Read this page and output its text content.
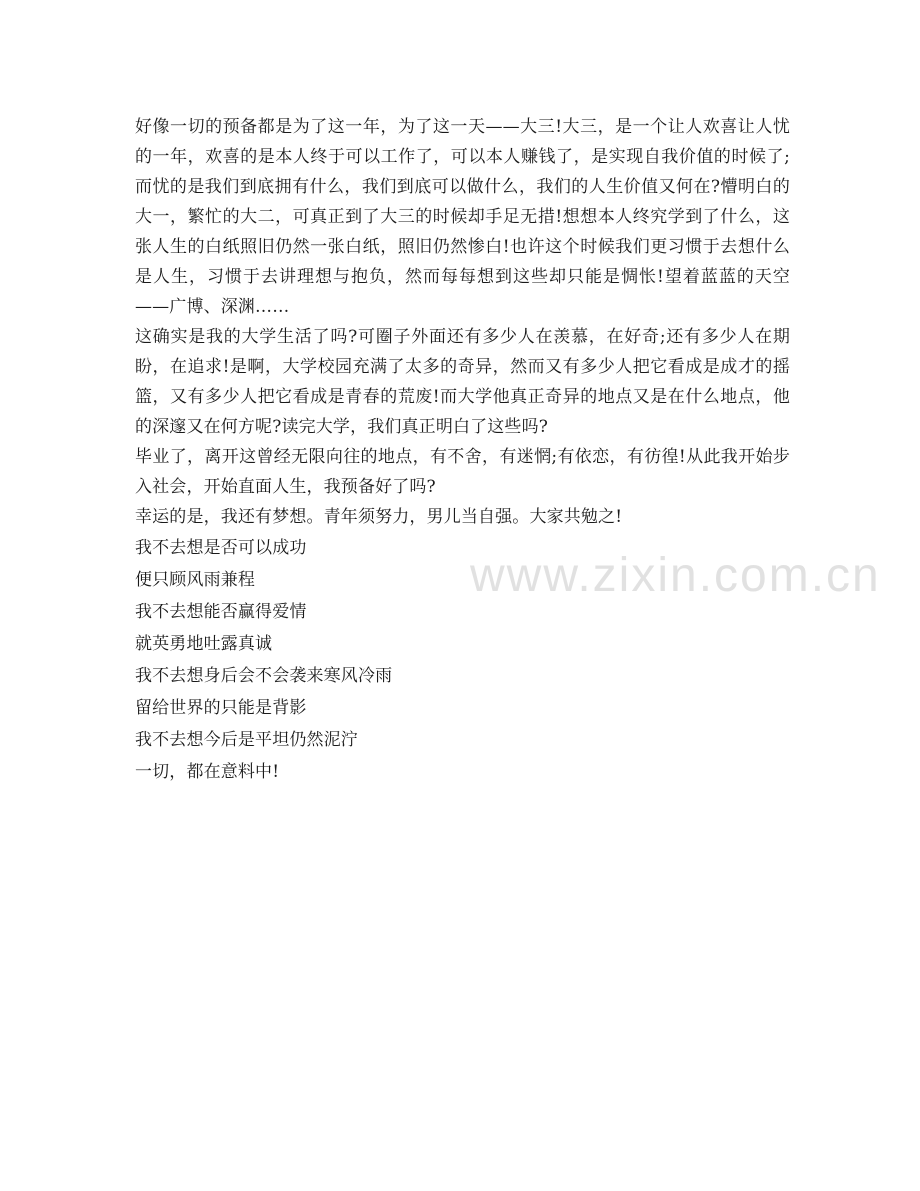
好像一切的预备都是为了这一年，为了这一天——大三!大三，是一个让人欢喜让人忧的一年，欢喜的是本人终于可以工作了，可以本人赚钱了，是实现自我价值的时候了;而忧的是我们到底拥有什么，我们到底可以做什么，我们的人生价值又何在?懵明白的大一，繁忙的大二，可真正到了大三的时候却手足无措!想想本人终究学到了什么，这张人生的白纸照旧仍然一张白纸，照旧仍然惨白!也许这个时候我们更习惯于去想什么是人生，习惯于去讲理想与抱负，然而每每想到这些却只能是惆怅!望着蓝蓝的天空——广博、深渊……

这确实是我的大学生活了吗?可圈子外面还有多少人在羡慕，在好奇;还有多少人在期盼，在追求!是啊，大学校园充满了太多的奇异，然而又有多少人把它看成是成才的摇篮，又有多少人把它看成是青春的荒废!而大学他真正奇异的地点又是在什么地点，他的深邃又在何方呢?读完大学，我们真正明白了这些吗?

毕业了，离开这曾经无限向往的地点，有不舍，有迷惘;有依恋，有彷徨!从此我开始步入社会，开始直面人生，我预备好了吗?

幸运的是，我还有梦想。青年须努力，男儿当自强。大家共勉之!

我不去想是否可以成功

便只顾风雨兼程

我不去想能否赢得爱情

就英勇地吐露真诚

我不去想身后会不会袭来寒风冷雨

留给世界的只能是背影

我不去想今后是平坦仍然泥泞

一切，都在意料中!

www.zixin.com.cn
